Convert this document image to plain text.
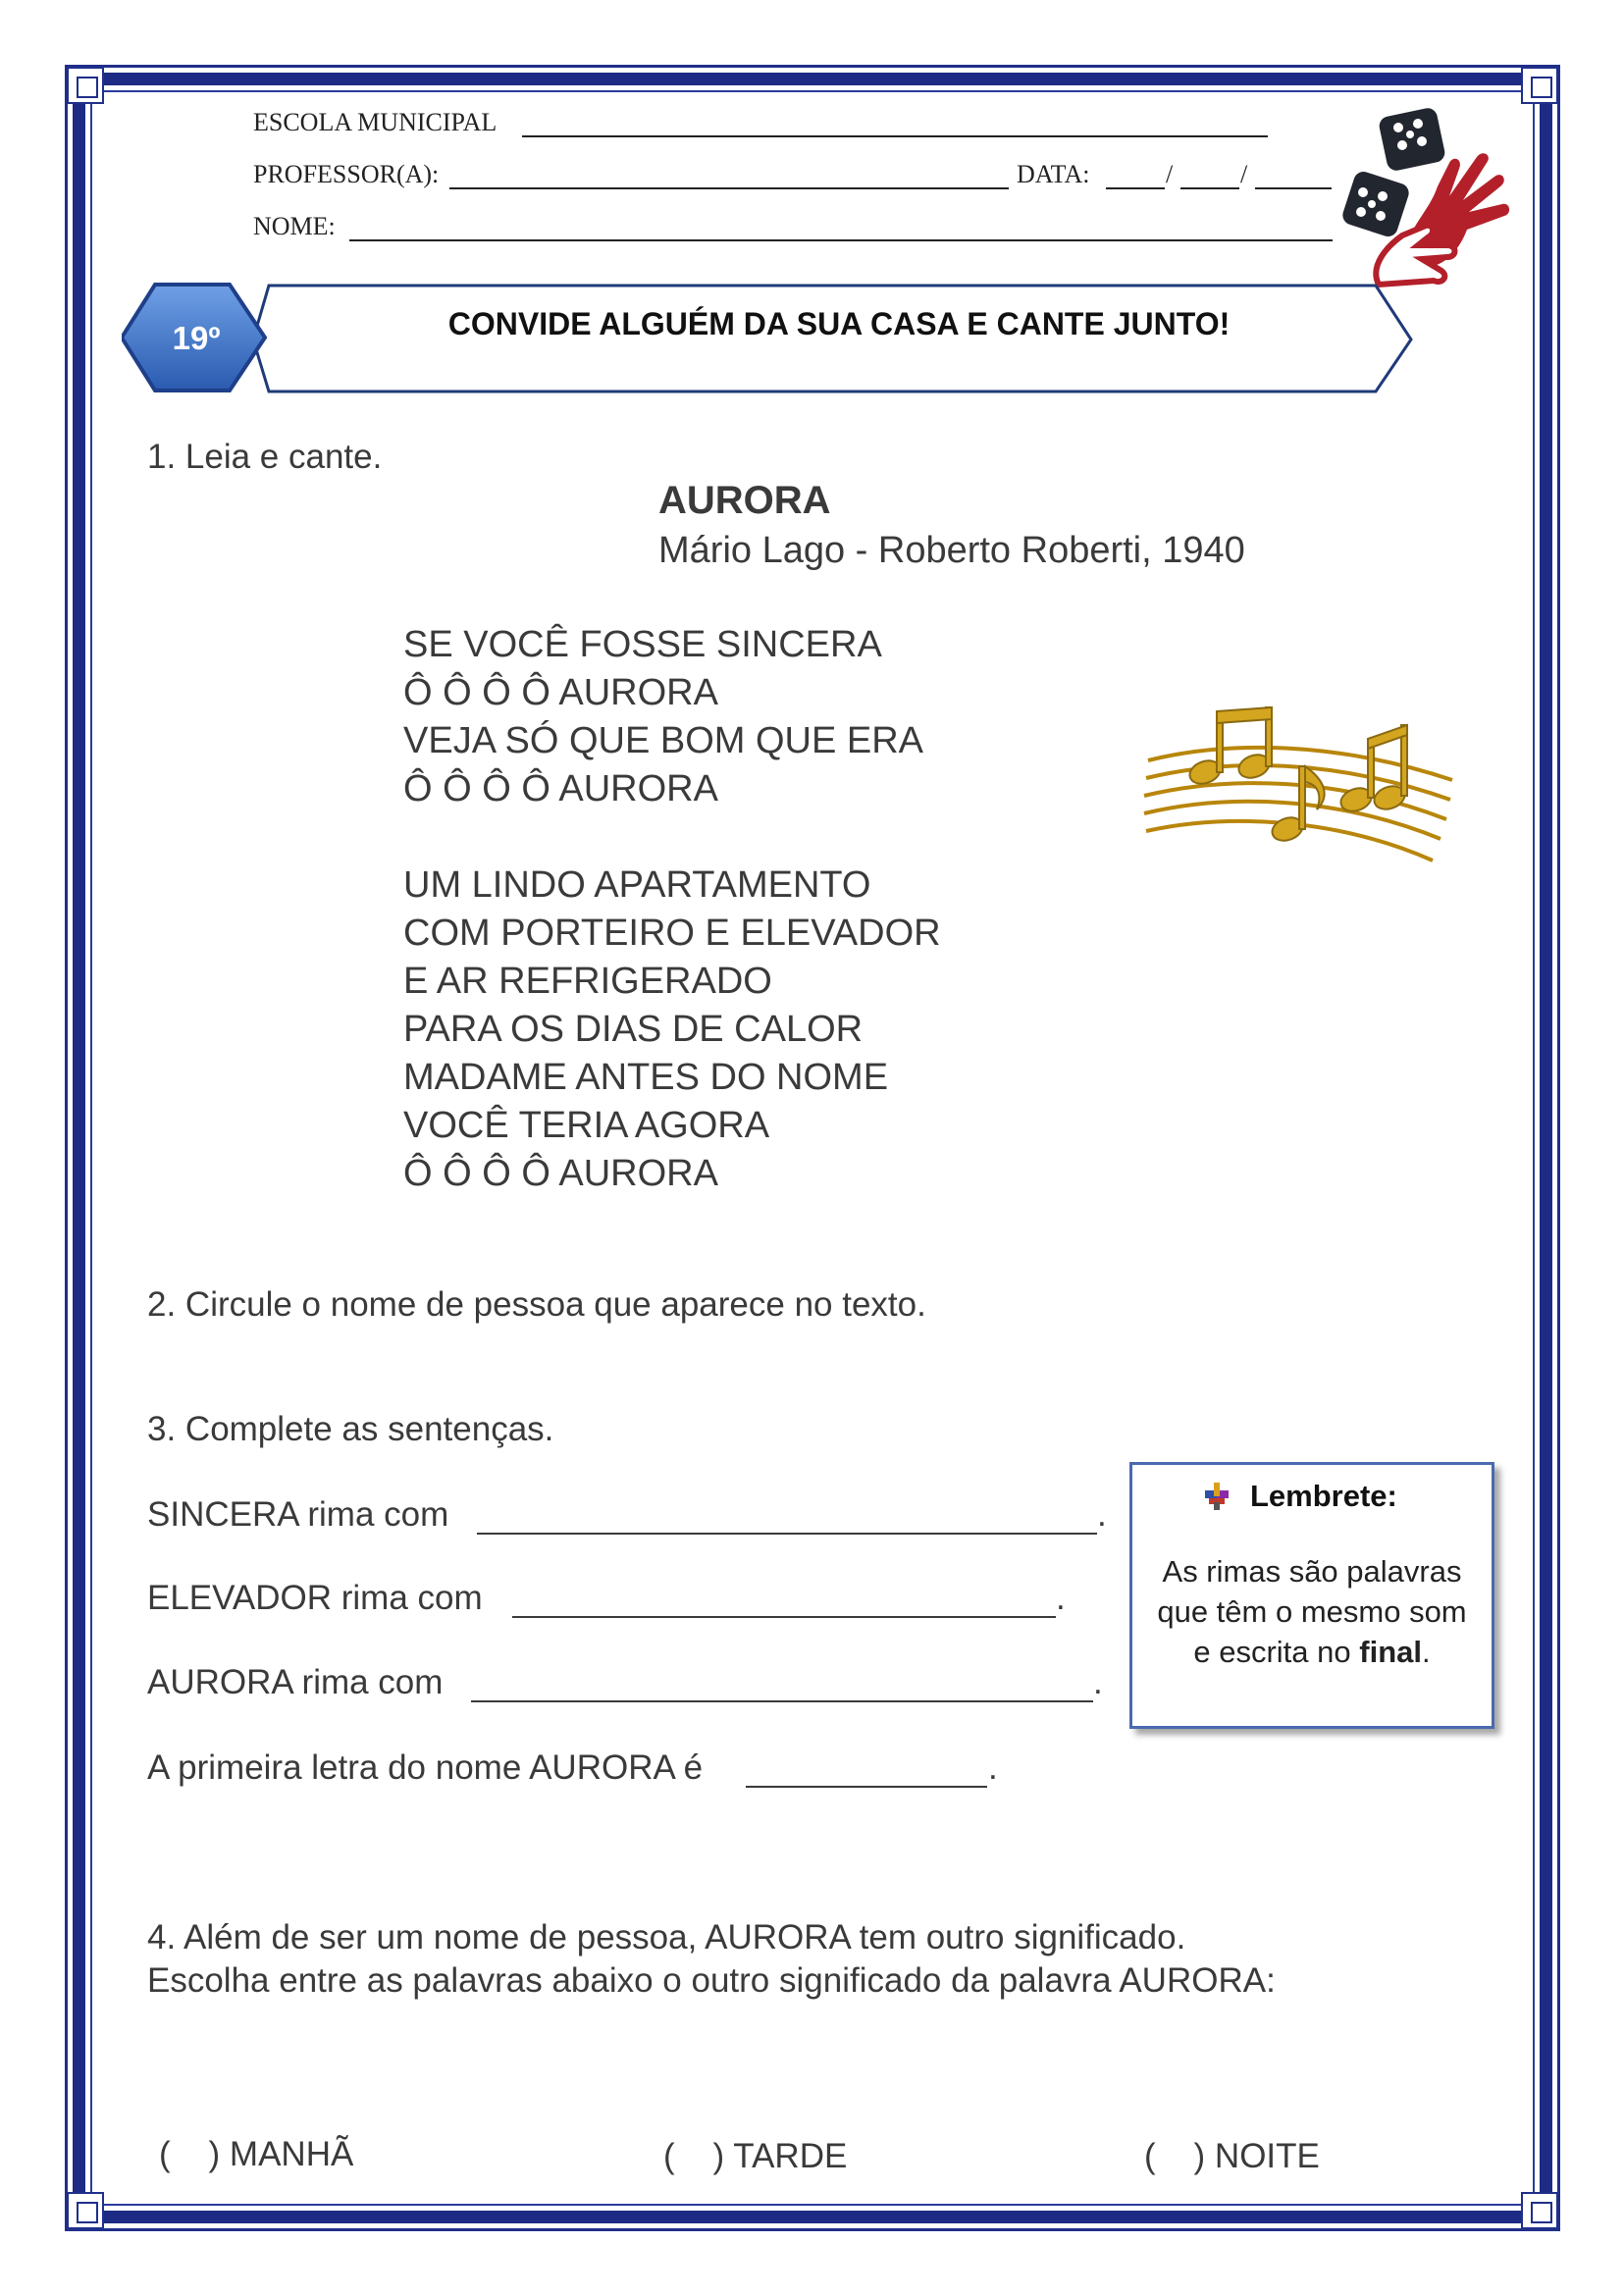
ESCOLA MUNICIPAL
PROFESSOR(A):	DATA:	/	/
NOME:
19º	CONVIDE ALGUÉM DA SUA CASA E CANTE JUNTO!
1. Leia e cante.
AURORA
Mário Lago - Roberto Roberti, 1940
SE VOCÊ FOSSE SINCERA
Ô Ô Ô Ô AURORA
VEJA SÓ QUE BOM QUE ERA
Ô Ô Ô Ô AURORA
UM LINDO APARTAMENTO
COM PORTEIRO E ELEVADOR
E AR REFRIGERADO
PARA OS DIAS DE CALOR
MADAME ANTES DO NOME
VOCÊ TERIA AGORA
Ô Ô Ô Ô AURORA
2. Circule o nome de pessoa que aparece no texto.
3. Complete as sentenças.
SINCERA rima com	.
ELEVADOR rima com	.
AURORA rima com	.
A primeira letra do nome AURORA é	.
Lembrete:
As rimas são palavras que têm o mesmo som e escrita no final.
4. Além de ser um nome de pessoa, AURORA tem outro significado.
Escolha entre as palavras abaixo o outro significado da palavra AURORA:
(    ) MANHÃ	(    ) TARDE	(    ) NOITE
